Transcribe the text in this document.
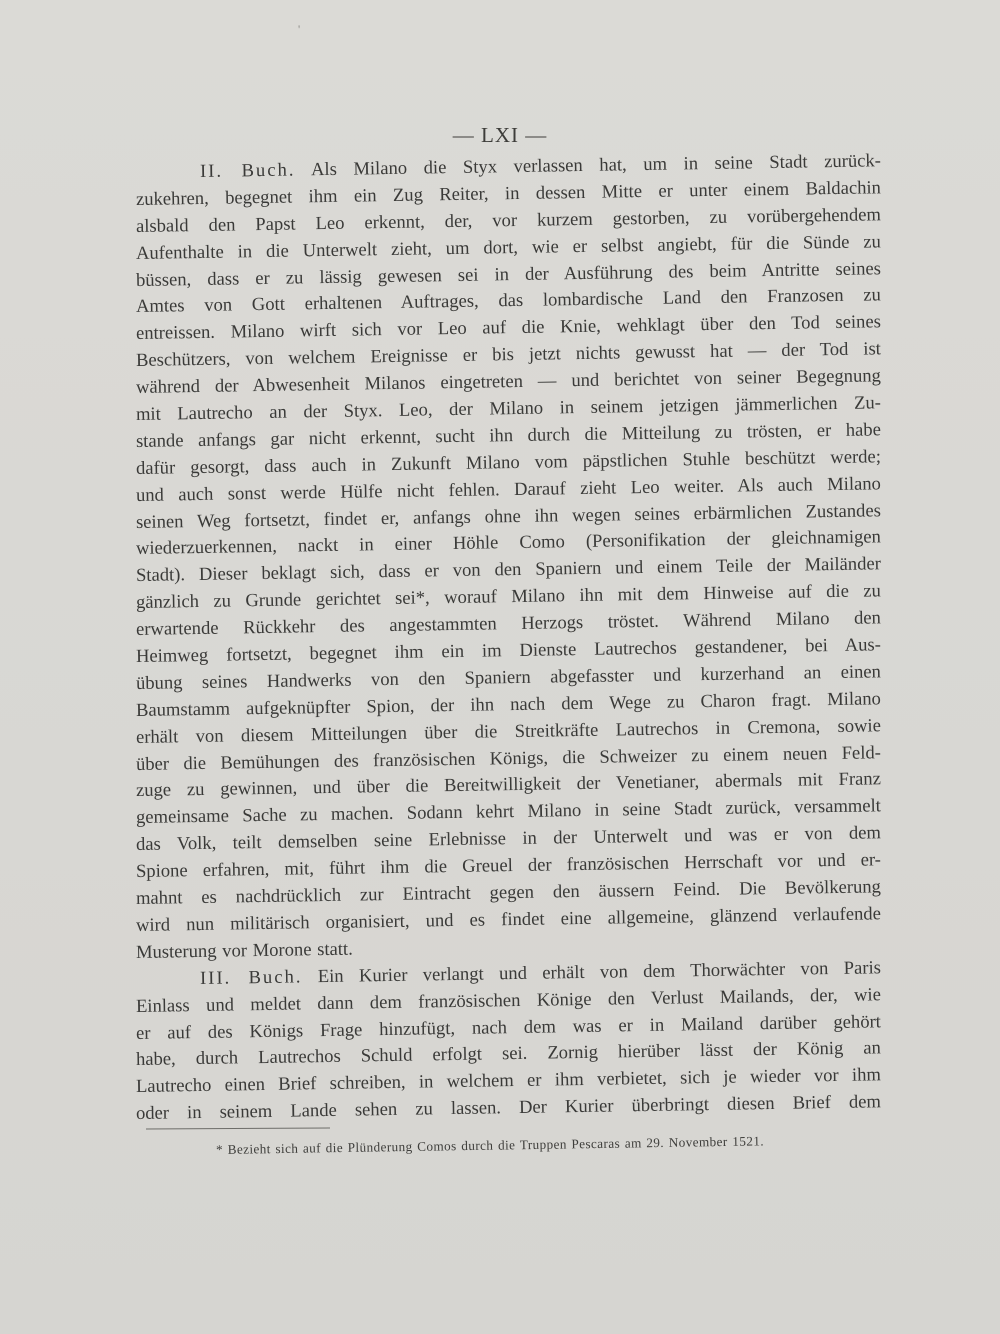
'
— LXI —
II. Buch. Als Milano die Styx verlassen hat, um in seine Stadt zurück-
zukehren, begegnet ihm ein Zug Reiter, in dessen Mitte er unter einem Baldachin
alsbald den Papst Leo erkennt, der, vor kurzem gestorben, zu vorübergehendem
Aufenthalte in die Unterwelt zieht, um dort, wie er selbst angiebt, für die Sünde zu
büssen, dass er zu lässig gewesen sei in der Ausführung des beim Antritte seines
Amtes von Gott erhaltenen Auftrages, das lombardische Land den Franzosen zu
entreissen. Milano wirft sich vor Leo auf die Knie, wehklagt über den Tod seines
Beschützers, von welchem Ereignisse er bis jetzt nichts gewusst hat — der Tod ist
während der Abwesenheit Milanos eingetreten — und berichtet von seiner Begegnung
mit Lautrecho an der Styx. Leo, der Milano in seinem jetzigen jämmerlichen Zu-
stande anfangs gar nicht erkennt, sucht ihn durch die Mitteilung zu trösten, er habe
dafür gesorgt, dass auch in Zukunft Milano vom päpstlichen Stuhle beschützt werde;
und auch sonst werde Hülfe nicht fehlen. Darauf zieht Leo weiter. Als auch Milano
seinen Weg fortsetzt, findet er, anfangs ohne ihn wegen seines erbärmlichen Zustandes
wiederzuerkennen, nackt in einer Höhle Como (Personifikation der gleichnamigen
Stadt). Dieser beklagt sich, dass er von den Spaniern und einem Teile der Mailänder
gänzlich zu Grunde gerichtet sei*, worauf Milano ihn mit dem Hinweise auf die zu
erwartende Rückkehr des angestammten Herzogs tröstet. Während Milano den
Heimweg fortsetzt, begegnet ihm ein im Dienste Lautrechos gestandener, bei Aus-
übung seines Handwerks von den Spaniern abgefasster und kurzerhand an einen
Baumstamm aufgeknüpfter Spion, der ihn nach dem Wege zu Charon fragt. Milano
erhält von diesem Mitteilungen über die Streitkräfte Lautrechos in Cremona, sowie
über die Bemühungen des französischen Königs, die Schweizer zu einem neuen Feld-
zuge zu gewinnen, und über die Bereitwilligkeit der Venetianer, abermals mit Franz
gemeinsame Sache zu machen. Sodann kehrt Milano in seine Stadt zurück, versammelt
das Volk, teilt demselben seine Erlebnisse in der Unterwelt und was er von dem
Spione erfahren, mit, führt ihm die Greuel der französischen Herrschaft vor und er-
mahnt es nachdrücklich zur Eintracht gegen den äussern Feind. Die Bevölkerung
wird nun militärisch organisiert, und es findet eine allgemeine, glänzend verlaufende
Musterung vor Morone statt.
III. Buch. Ein Kurier verlangt und erhält von dem Thorwächter von Paris
Einlass und meldet dann dem französischen Könige den Verlust Mailands, der, wie
er auf des Königs Frage hinzufügt, nach dem was er in Mailand darüber gehört
habe, durch Lautrechos Schuld erfolgt sei. Zornig hierüber lässt der König an
Lautrecho einen Brief schreiben, in welchem er ihm verbietet, sich je wieder vor ihm
oder in seinem Lande sehen zu lassen. Der Kurier überbringt diesen Brief dem
* Bezieht sich auf die Plünderung Comos durch die Truppen Pescaras am 29. November 1521.
